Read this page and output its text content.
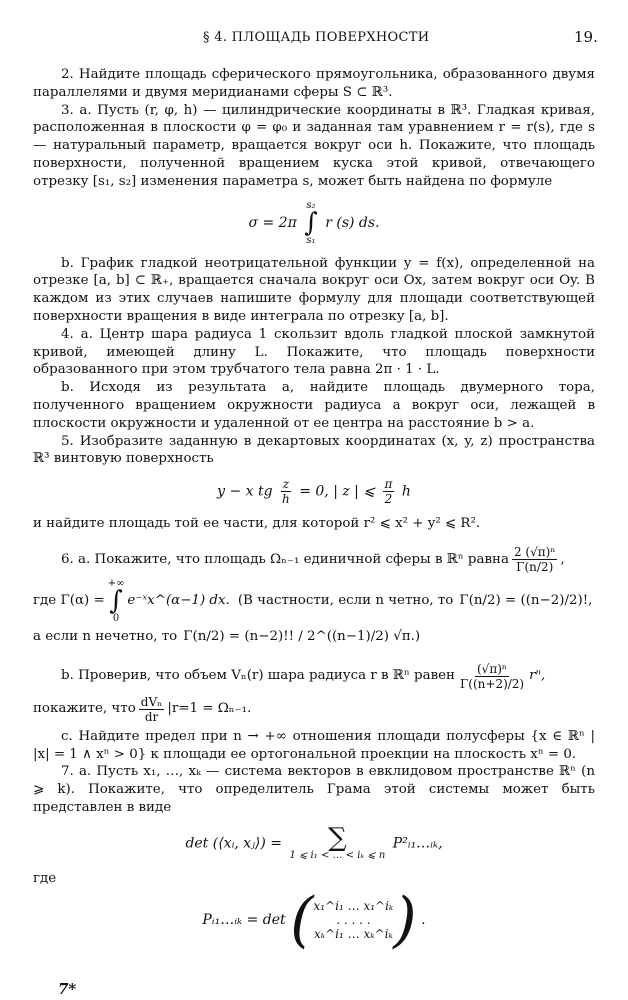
§ 4. ПЛОЩАДЬ ПОВЕРХНОСТИ	19.

2. Найдите площадь сферического прямоугольника, образованного двумя параллелями и двумя меридианами сферы S ⊂ ℝ³.

3. a. Пусть (r, φ, h) — цилиндрические координаты в ℝ³. Гладкая кривая, расположенная в плоскости φ = φ₀ и заданная там уравнением r = r(s), где s — натуральный параметр, вращается вокруг оси h. Покажите, что площадь поверхности, полученной вращением куска этой кривой, отвечающего отрезку [s₁, s₂] изменения параметра s, может быть найдена по формуле

σ = 2π
s₂
∫
s₁
r (s) ds.

b. График гладкой неотрицательной функции y = f(x), определенной на отрезке [a, b] ⊂ ℝ₊, вращается сначала вокруг оси Ox, затем вокруг оси Oy. В каждом из этих случаев напишите формулу для площади соответствующей поверхности вращения в виде интеграла по отрезку [a, b].

4. a. Центр шара радиуса 1 скользит вдоль гладкой плоской замкнутой кривой, имеющей длину L. Покажите, что площадь поверхности образованного при этом трубчатого тела равна 2π · 1 · L.

b. Исходя из результата a, найдите площадь двумерного тора, полученного вращением окружности радиуса a вокруг оси, лежащей в плоскости окружности и удаленной от ее центра на расстояние b > a.

5. Изобразите заданную в декартовых координатах (x, y, z) пространства ℝ³ винтовую поверхность

y − x tg $\frac{z}{h} = 0$, | z | ⩽ $\frac{\pi}{2}$ h

и найдите площадь той ее части, для которой r² ⩽ x² + y² ⩽ R².

6. a. Покажите, что площадь Ωₙ₋₁ единичной сферы в ℝⁿ равна $\frac{\text{2 (√π)ⁿ}}{\Gamma(n/2)}$ ,
где Γ(α) =
+∞
∫
0
e⁻ˣx^(α−1) dx. (В частности, если n четно, то Γ(n/2) = ((n−2)/2)!,
а если n нечетно, то Γ(n/2) = (n−2)!! / 2^((n−1)/2) √π.)
b. Проверив, что объем Vₙ(r) шара радиуса r в ℝⁿ равен $\frac{\text{(√π)ⁿ}}{\Gamma((n+2)/2)} r^n$,
покажите, что $\frac{\text{dVₙ}}{dr} |r=1 = \Omega_{n-1}$.

c. Найдите предел при n → +∞ отношения площади полусферы {x ∈ ℝⁿ | |x| = 1 ∧ xⁿ > 0} к площади ее ортогональной проекции на плоскость xⁿ = 0.

7. a. Пусть x₁, …, xₖ — система векторов в евклидовом пространстве ℝⁿ (n ⩾ k). Покажите, что определитель Грама этой системы может быть представлен в виде

det (⟨xᵢ, xⱼ⟩) = ∑
1 ⩽ i₁ < … < iₖ ⩽ n
P²ᵢ₁…ᵢₖ,

где

Pᵢ₁…ᵢₖ = det ( x₁^i₁ … x₁^iₖ
. . . . .
xₖ^i₁ … xₖ^iₖ ) .
7*
